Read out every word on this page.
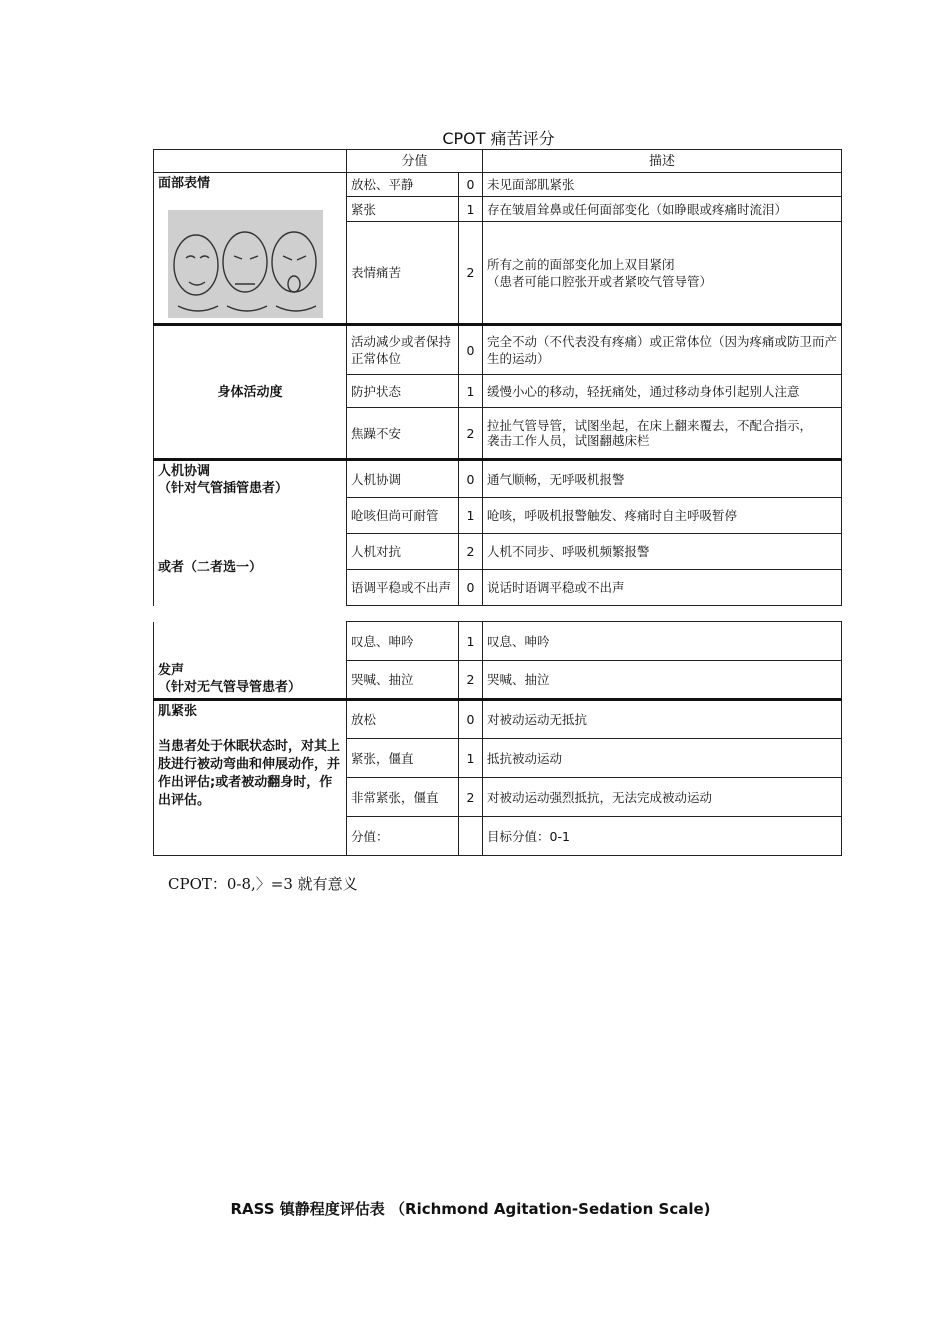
CPOT 痛苦评分
	分值		描述

面部表情	放松、平静	0	未见面部肌紧张
	紧张	1	存在皱眉耸鼻或任何面部变化（如睁眼或疼痛时流泪）
	表情痛苦	2	所有之前的面部变化加上双目紧闭
（患者可能口腔张开或者紧咬气管导管）
身体活动度	活动减少或者保持正常体位	0	完全不动（不代表没有疼痛）或正常体位（因为疼痛或防卫而产生的运动）
	防护状态	1	缓慢小心的移动，轻抚痛处，通过移动身体引起别人注意
	焦躁不安	2	拉扯气管导管，试图坐起，在床上翻来覆去，不配合指示，
袭击工作人员，试图翻越床栏

人机协调
（针对气管插管患者）
或者（二者选一）	人机协调	0	通气顺畅，无呼吸机报警
	呛咳但尚可耐管	1	呛咳，呼吸机报警触发、疼痛时自主呼吸暂停
	人机对抗	2	人机不同步、呼吸机频繁报警
	语调平稳或不出声	0	说话时语调平稳或不出声
发声
（针对无气管导管患者）	叹息、呻吟	1	叹息、呻吟
	哭喊、抽泣	2	哭喊、抽泣

肌紧张
当患者处于休眠状态时，对其上肢进行被动弯曲和伸展动作，并作出评估;或者被动翻身时，作出评估。	放松	0	对被动运动无抵抗
	紧张，僵直	1	抵抗被动运动
	非常紧张，僵直	2	对被动运动强烈抵抗，无法完成被动运动
	分值：		目标分值：0-1
CPOT：0-8,〉=3 就有意义
RASS 镇静程度评估表 （Richmond Agitation-Sedation Scale)
